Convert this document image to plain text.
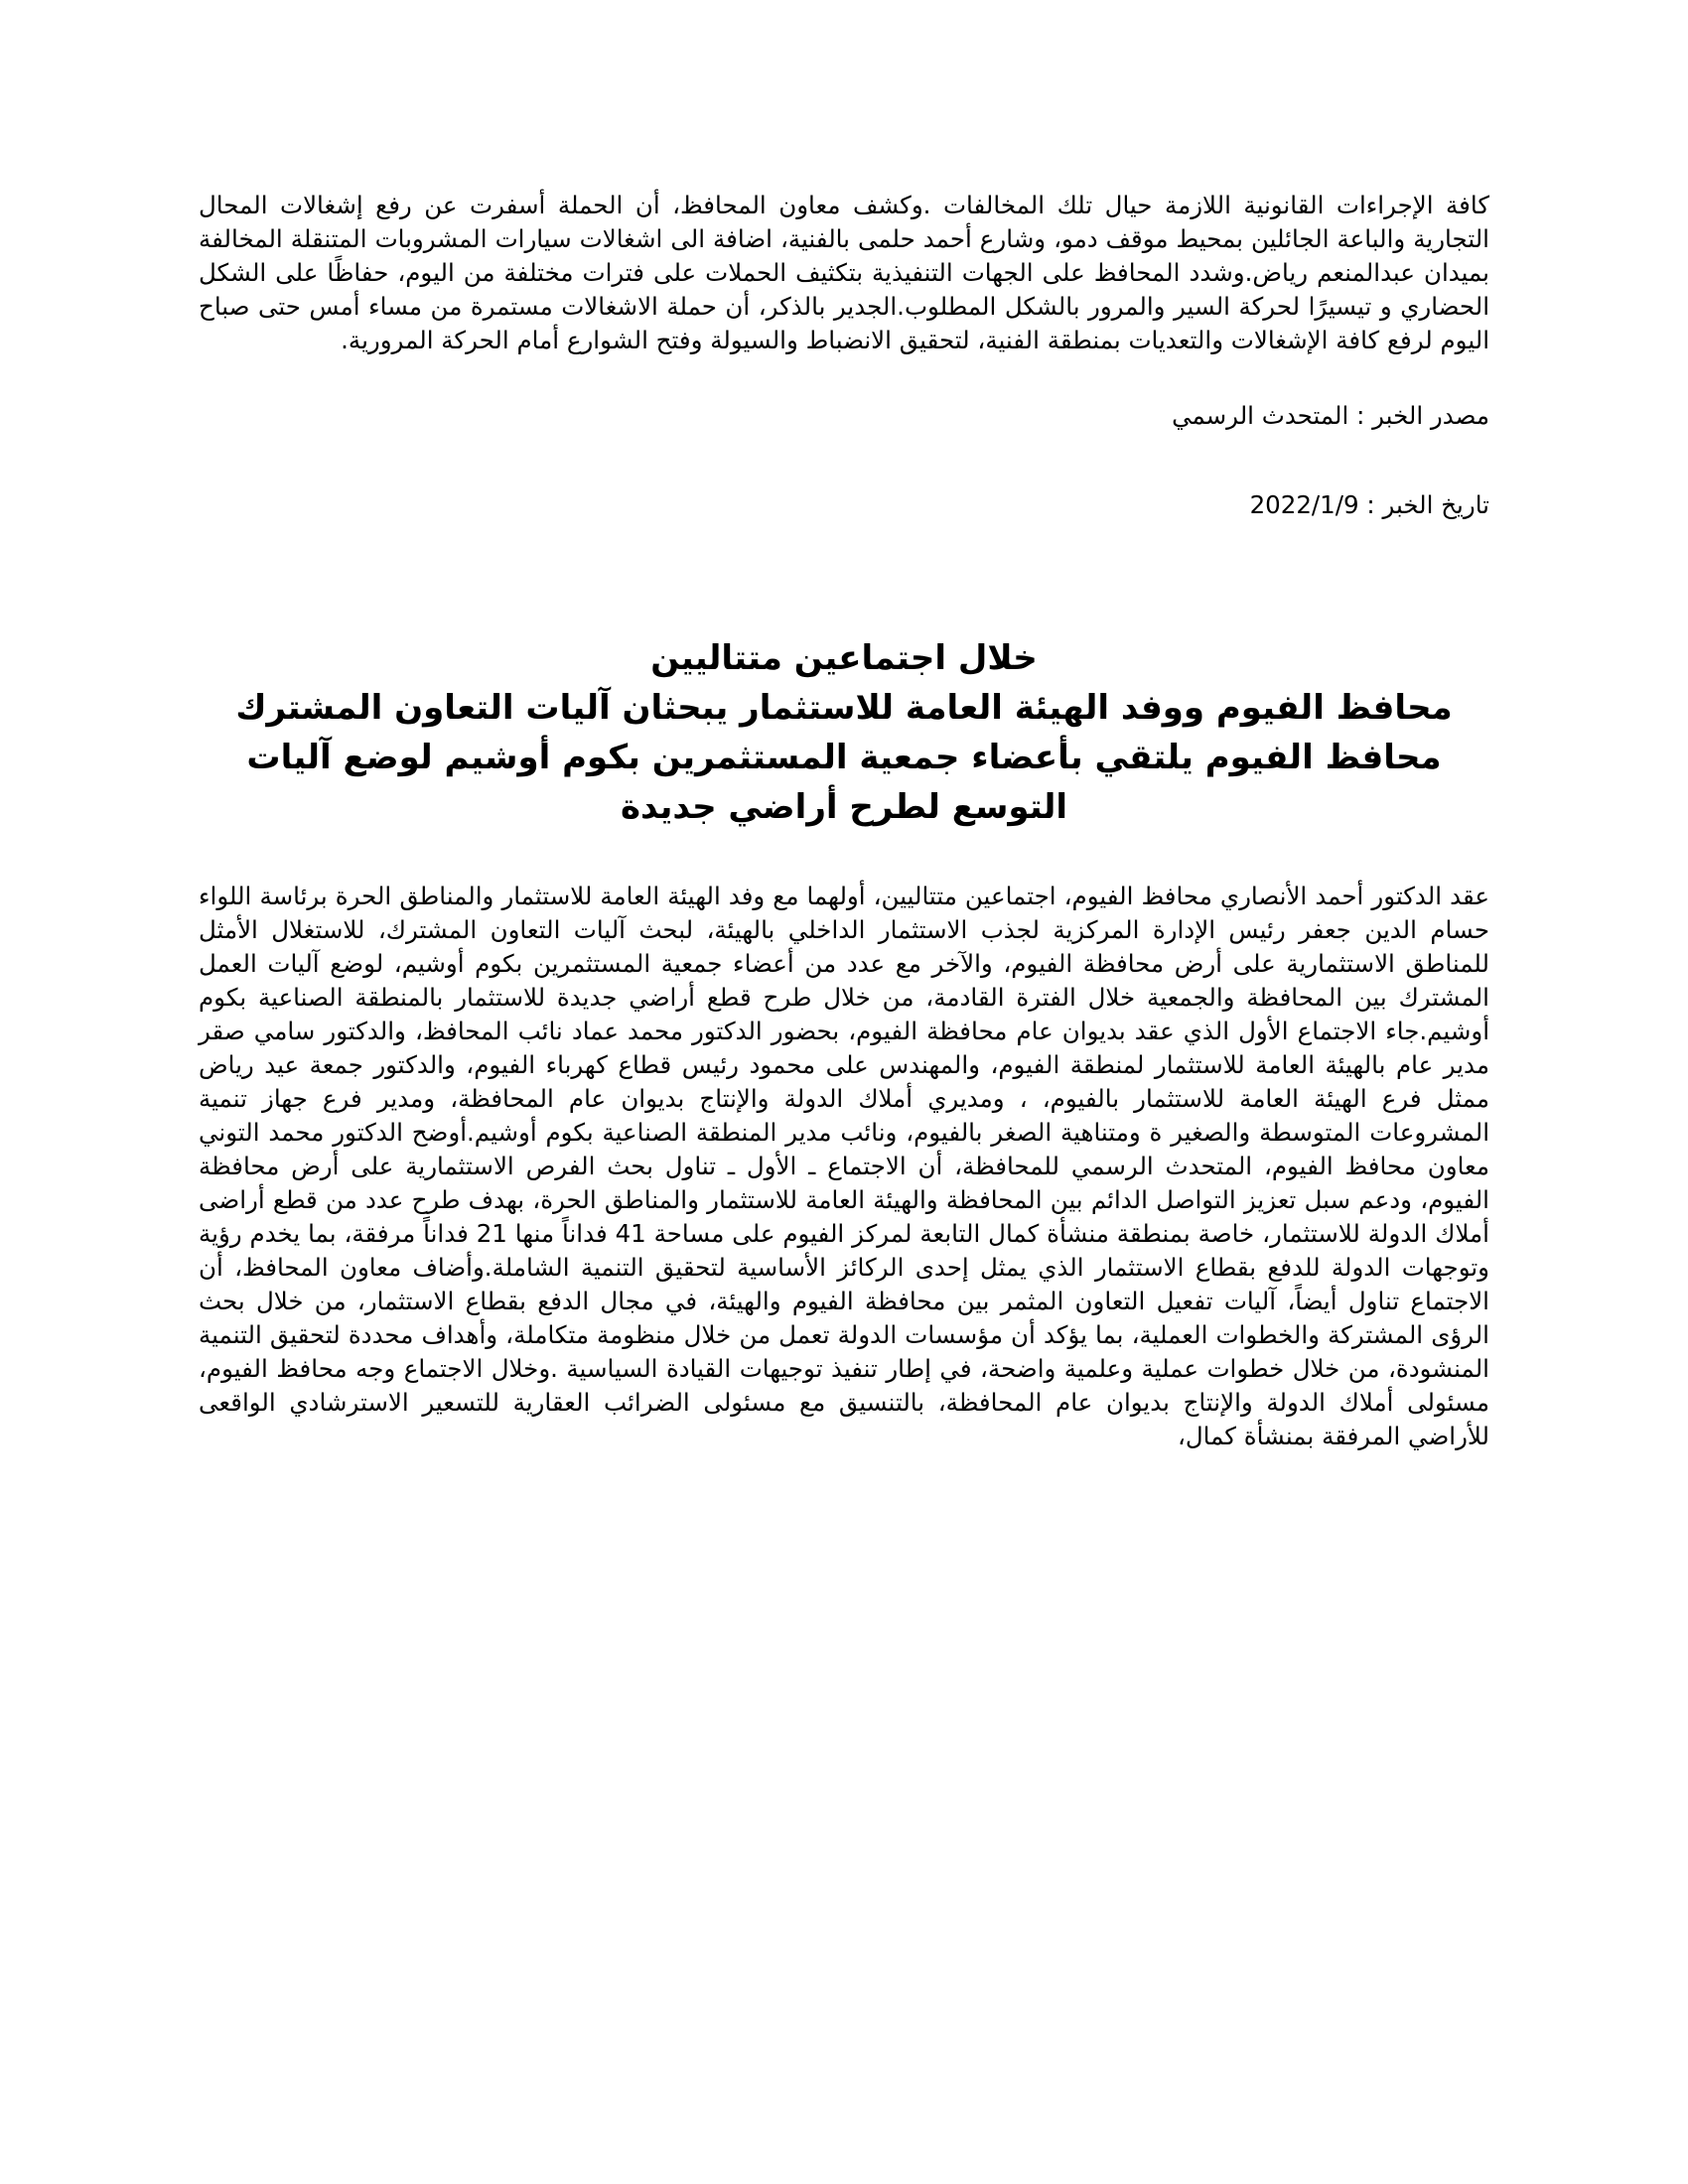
كافة الإجراءات القانونية اللازمة حيال تلك المخالفات .وكشف معاون المحافظ، أن الحملة أسفرت عن رفع إشغالات المحال التجارية والباعة الجائلين بمحيط موقف دمو، وشارع أحمد حلمى بالفنية، اضافة الى اشغالات سيارات المشروبات المتنقلة المخالفة بميدان عبدالمنعم رياض.وشدد المحافظ على الجهات التنفيذية بتكثيف الحملات على فترات مختلفة من اليوم، حفاظًا على الشكل الحضاري و تيسيرًا لحركة السير والمرور بالشكل المطلوب.الجدير بالذكر، أن حملة الاشغالات مستمرة من مساء أمس حتى صباح اليوم لرفع كافة الإشغالات والتعديات بمنطقة الفنية، لتحقيق الانضباط والسيولة وفتح الشوارع أمام الحركة المرورية.

مصدر الخبر : المتحدث الرسمي

تاريخ الخبر : 2022/1/9

خلال اجتماعين متتاليين
محافظ الفيوم ووفد الهيئة العامة للاستثمار يبحثان آليات التعاون المشترك
محافظ الفيوم يلتقي بأعضاء جمعية المستثمرين بكوم أوشيم لوضع آليات التوسع لطرح أراضي جديدة

عقد الدكتور أحمد الأنصاري محافظ الفيوم، اجتماعين متتاليين، أولهما مع وفد الهيئة العامة للاستثمار والمناطق الحرة برئاسة اللواء حسام الدين جعفر رئيس الإدارة المركزية لجذب الاستثمار الداخلي بالهيئة، لبحث آليات التعاون المشترك، للاستغلال الأمثل للمناطق الاستثمارية على أرض محافظة الفيوم، والآخر مع عدد من أعضاء جمعية المستثمرين بكوم أوشيم، لوضع آليات العمل المشترك بين المحافظة والجمعية خلال الفترة القادمة، من خلال طرح قطع أراضي جديدة للاستثمار بالمنطقة الصناعية بكوم أوشيم.جاء الاجتماع الأول الذي عقد بديوان عام محافظة الفيوم، بحضور الدكتور محمد عماد نائب المحافظ، والدكتور سامي صقر مدير عام بالهيئة العامة للاستثمار لمنطقة الفيوم، والمهندس على محمود رئيس قطاع كهرباء الفيوم، والدكتور جمعة عيد رياض ممثل فرع الهيئة العامة للاستثمار بالفيوم، ، ومديري أملاك الدولة والإنتاج بديوان عام المحافظة، ومدير فرع جهاز تنمية المشروعات المتوسطة والصغير ة ومتناهية الصغر بالفيوم، ونائب مدير المنطقة الصناعية بكوم أوشيم.أوضح الدكتور محمد التوني معاون محافظ الفيوم، المتحدث الرسمي للمحافظة، أن الاجتماع ـ الأول ـ تناول بحث الفرص الاستثمارية على أرض محافظة الفيوم، ودعم سبل تعزيز التواصل الدائم بين المحافظة والهيئة العامة للاستثمار والمناطق الحرة، بهدف طرح عدد من قطع أراضى أملاك الدولة للاستثمار، خاصة بمنطقة منشأة كمال التابعة لمركز الفيوم على مساحة 41 فداناً منها 21 فداناً مرفقة، بما يخدم رؤية وتوجهات الدولة للدفع بقطاع الاستثمار الذي يمثل إحدى الركائز الأساسية لتحقيق التنمية الشاملة.وأضاف معاون المحافظ، أن الاجتماع تناول أيضاً، آليات تفعيل التعاون المثمر بين محافظة الفيوم والهيئة، في مجال الدفع بقطاع الاستثمار، من خلال بحث الرؤى المشتركة والخطوات العملية، بما يؤكد أن مؤسسات الدولة تعمل من خلال منظومة متكاملة، وأهداف محددة لتحقيق التنمية المنشودة، من خلال خطوات عملية وعلمية واضحة، في إطار تنفيذ توجيهات القيادة السياسية .وخلال الاجتماع وجه محافظ الفيوم، مسئولى أملاك الدولة والإنتاج بديوان عام المحافظة، بالتنسيق مع مسئولى الضرائب العقارية للتسعير الاسترشادي الواقعى للأراضي المرفقة بمنشأة كمال،
